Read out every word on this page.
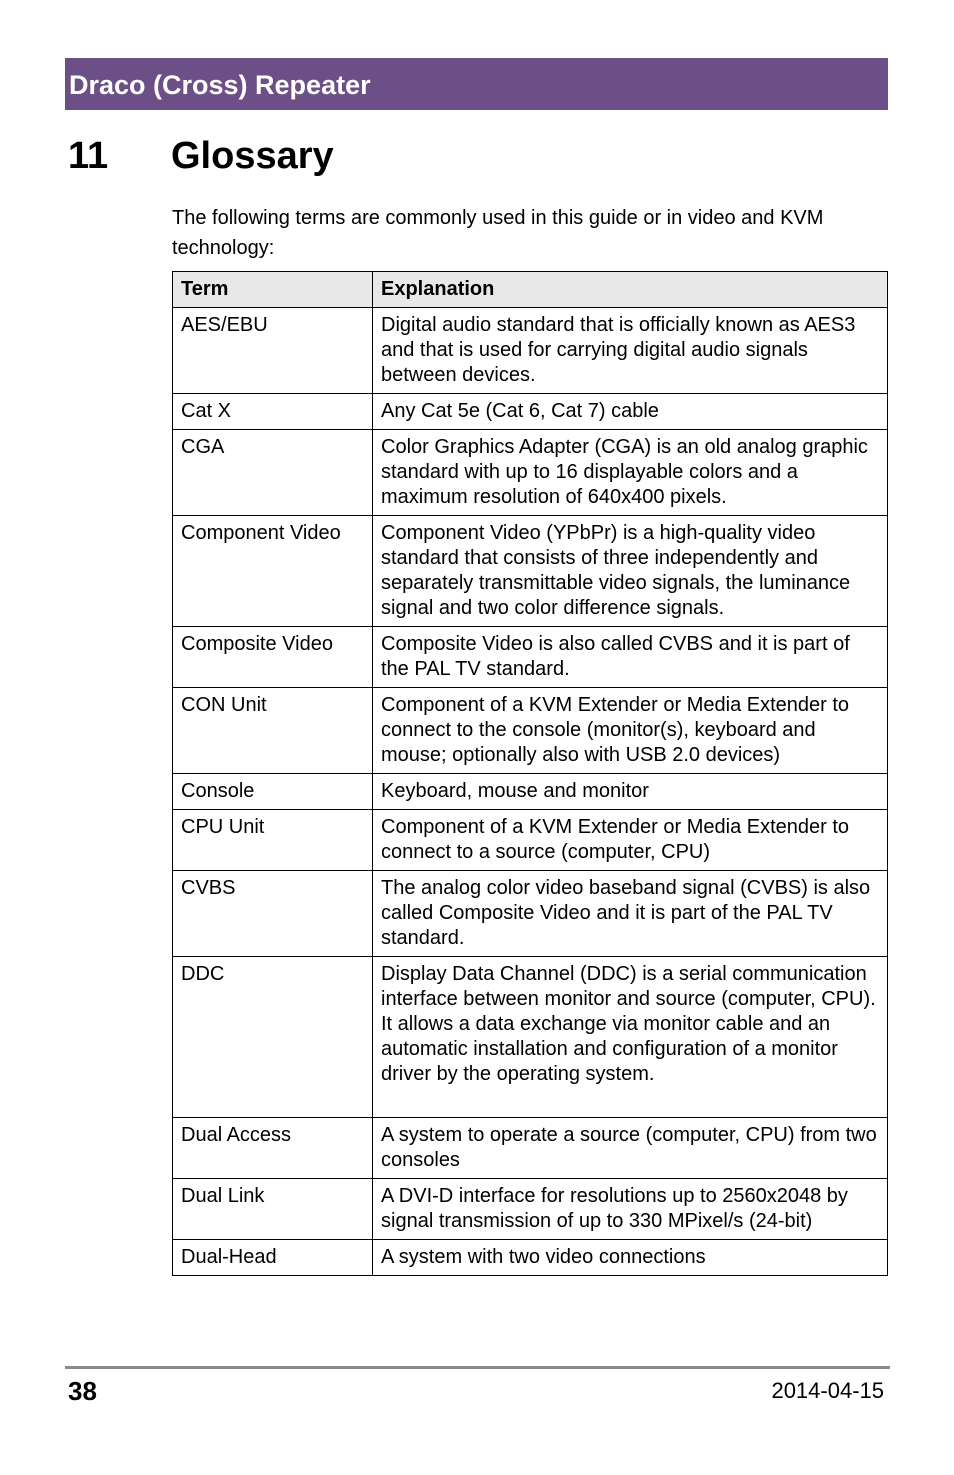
Draco (Cross) Repeater
11 Glossary

The following terms are commonly used in this guide or in video and KVM technology:

Term	Explanation
AES/EBU	Digital audio standard that is officially known as AES3 and that is used for carrying digital audio signals between devices.
Cat X	Any Cat 5e (Cat 6, Cat 7) cable
CGA	Color Graphics Adapter (CGA) is an old analog graphic standard with up to 16 displayable colors and a maximum resolution of 640x400 pixels.
Component Video	Component Video (YPbPr) is a high-quality video standard that consists of three independently and separately transmittable video signals, the luminance signal and two color difference signals.
Composite Video	Composite Video is also called CVBS and it is part of the PAL TV standard.
CON Unit	Component of a KVM Extender or Media Extender to connect to the console (monitor(s), keyboard and mouse; optionally also with USB 2.0 devices)
Console	Keyboard, mouse and monitor
CPU Unit	Component of a KVM Extender or Media Extender to connect to a source (computer, CPU)
CVBS	The analog color video baseband signal (CVBS) is also called Composite Video and it is part of the PAL TV standard.
DDC	Display Data Channel (DDC) is a serial communication interface between monitor and source (computer, CPU). It allows a data exchange via monitor cable and an automatic installation and configuration of a monitor driver by the operating system.
Dual Access	A system to operate a source (computer, CPU) from two consoles
Dual Link	A DVI-D interface for resolutions up to 2560x2048 by signal transmission of up to 330 MPixel/s (24-bit)
Dual-Head	A system with two video connections
38	2014-04-15
